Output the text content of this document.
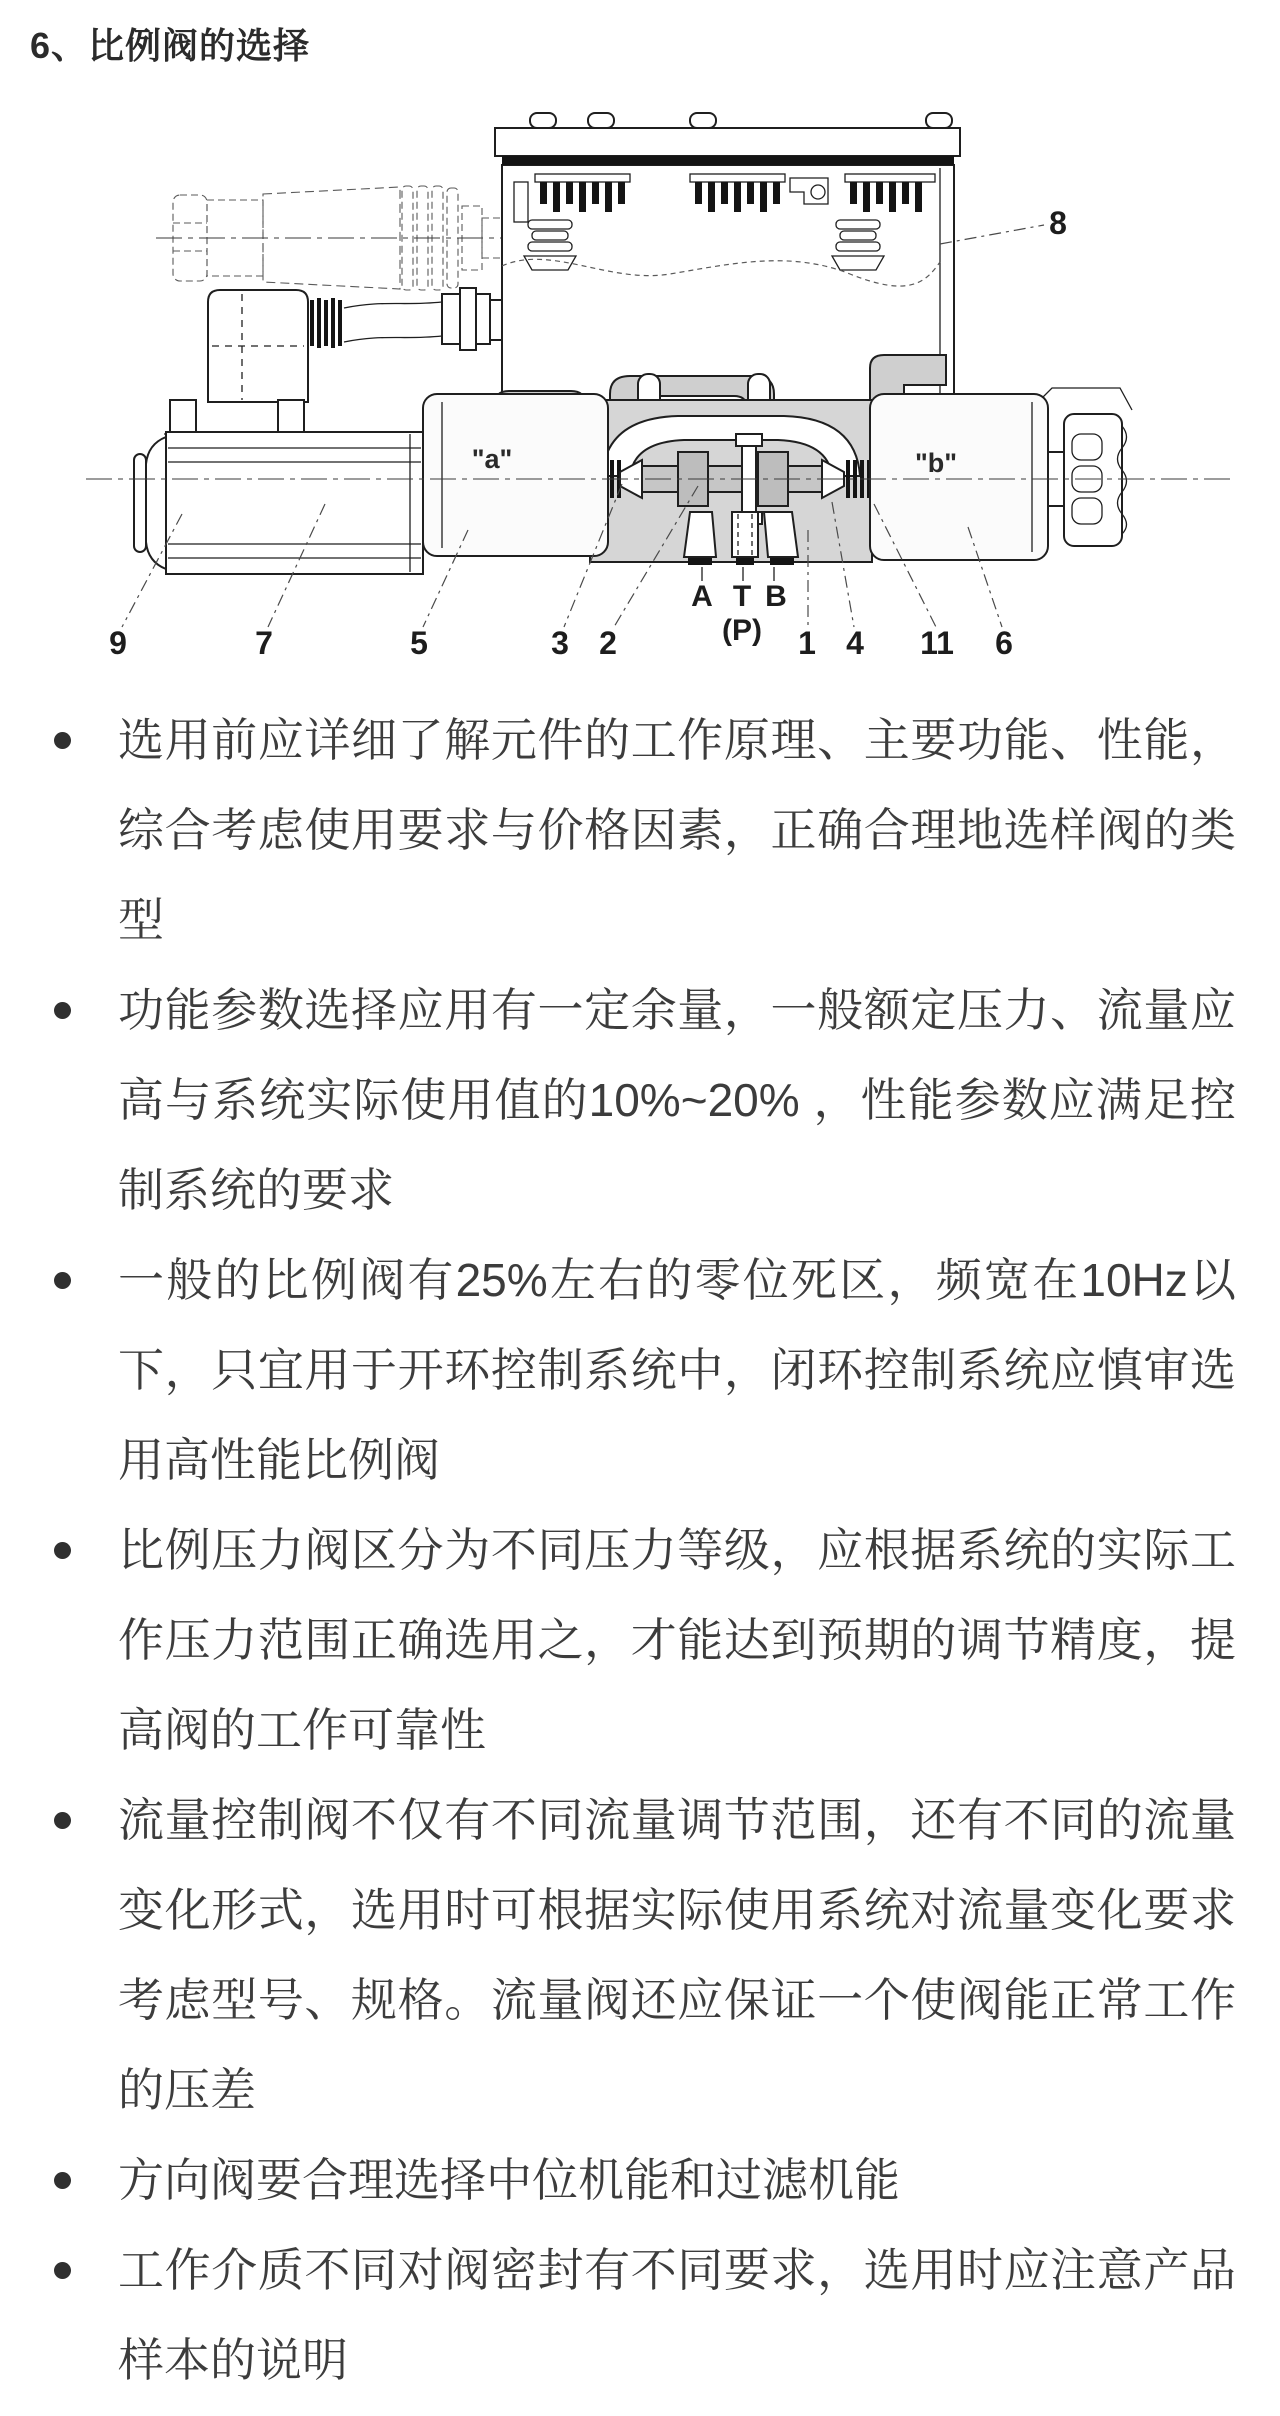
6、比例阀的选择
9	7	5	3 2	1 4 11 6
8
A T B
(P)
"a"	"b"
选用前应详细了解元件的工作原理、主要功能、性能，综合考虑使用要求与价格因素，正确合理地选样阀的类型
功能参数选择应用有一定余量，一般额定压力、流量应高与系统实际使用值的10%~20% ，性能参数应满足控制系统的要求
一般的比例阀有25%左右的零位死区，频宽在10Hz以下，只宜用于开环控制系统中，闭环控制系统应慎审选用高性能比例阀
比例压力阀区分为不同压力等级，应根据系统的实际工作压力范围正确选用之，才能达到预期的调节精度，提高阀的工作可靠性
流量控制阀不仅有不同流量调节范围，还有不同的流量变化形式，选用时可根据实际使用系统对流量变化要求考虑型号、规格。流量阀还应保证一个使阀能正常工作的压差
方向阀要合理选择中位机能和过滤机能
工作介质不同对阀密封有不同要求，选用时应注意产品样本的说明
